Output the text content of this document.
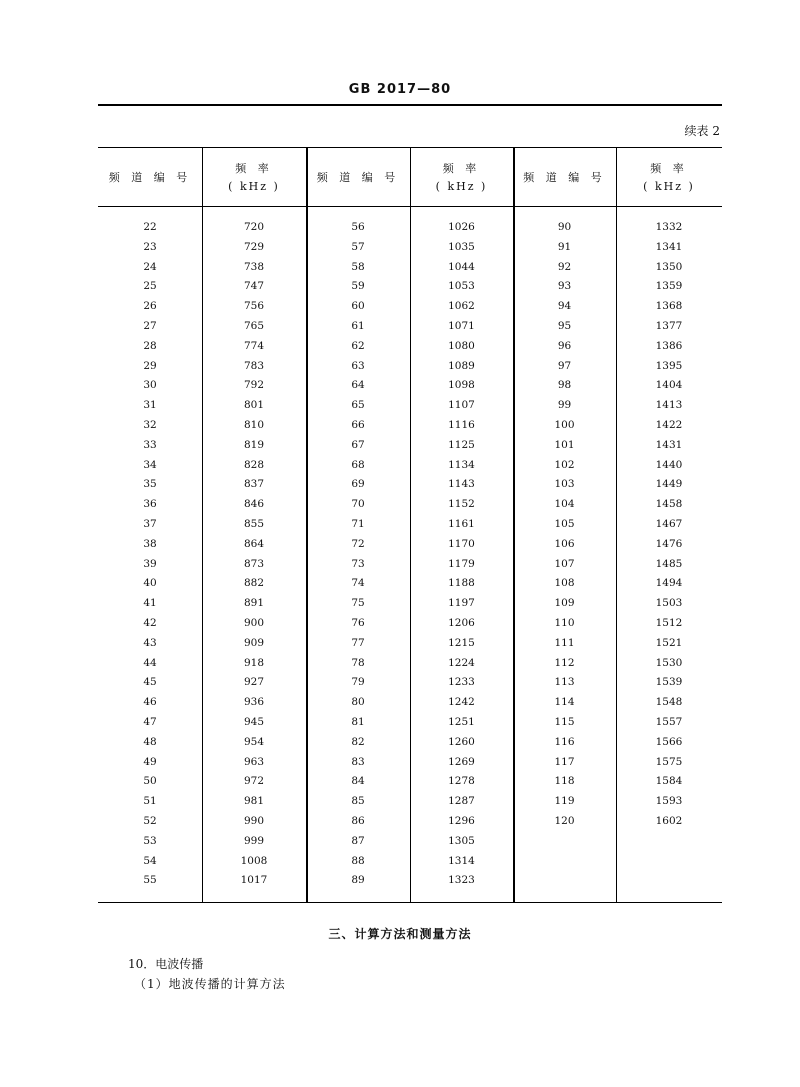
GB 2017—80
续表 2
频 道 编 号
频 率
( kHz )
频 道 编 号
频 率
( kHz )
频 道 编 号
频 率
( kHz )
22
23
24
25
26
27
28
29
30
31
32
33
34
35
36
37
38
39
40
41
42
43
44
45
46
47
48
49
50
51
52
53
54
55
720
729
738
747
756
765
774
783
792
801
810
819
828
837
846
855
864
873
882
891
900
909
918
927
936
945
954
963
972
981
990
999
1008
1017
56
57
58
59
60
61
62
63
64
65
66
67
68
69
70
71
72
73
74
75
76
77
78
79
80
81
82
83
84
85
86
87
88
89
1026
1035
1044
1053
1062
1071
1080
1089
1098
1107
1116
1125
1134
1143
1152
1161
1170
1179
1188
1197
1206
1215
1224
1233
1242
1251
1260
1269
1278
1287
1296
1305
1314
1323
90
91
92
93
94
95
96
97
98
99
100
101
102
103
104
105
106
107
108
109
110
111
112
113
114
115
116
117
118
119
120
1332
1341
1350
1359
1368
1377
1386
1395
1404
1413
1422
1431
1440
1449
1458
1467
1476
1485
1494
1503
1512
1521
1530
1539
1548
1557
1566
1575
1584
1593
1602
三、计算方法和测量方法
10．电波传播
（1）地波传播的计算方法
